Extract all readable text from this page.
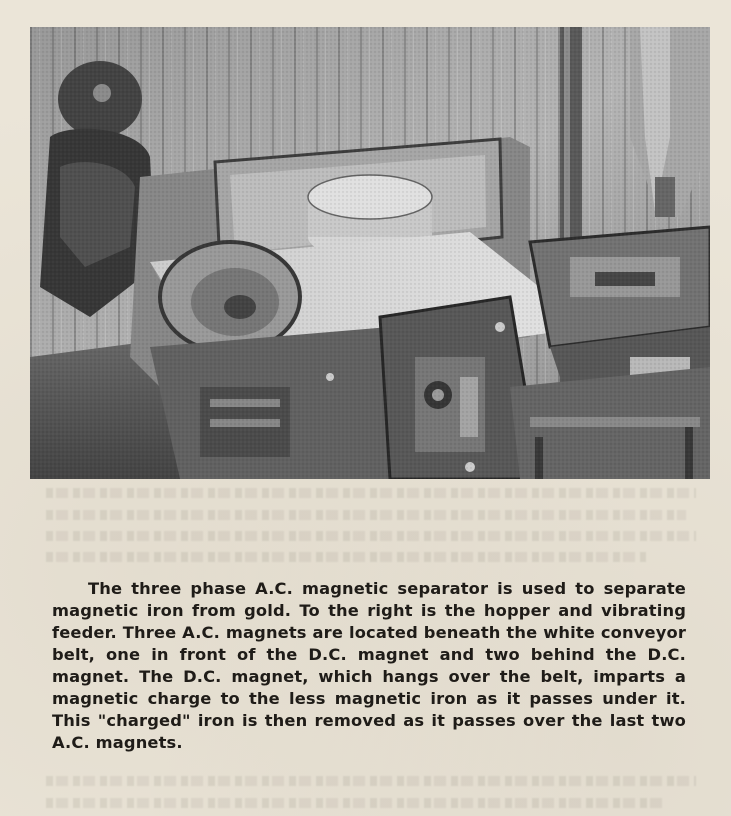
The three phase A.C. magnetic separator is used to separate magnetic iron from gold. To the right is the hopper and vibrating feeder. Three A.C. magnets are located beneath the white conveyor belt, one in front of the D.C. magnet and two behind the D.C. magnet. The D.C. magnet, which hangs over the belt, imparts a magnetic charge to the less magnetic iron as it passes under it. This "charged" iron is then removed as it passes over the last two A.C. magnets.
